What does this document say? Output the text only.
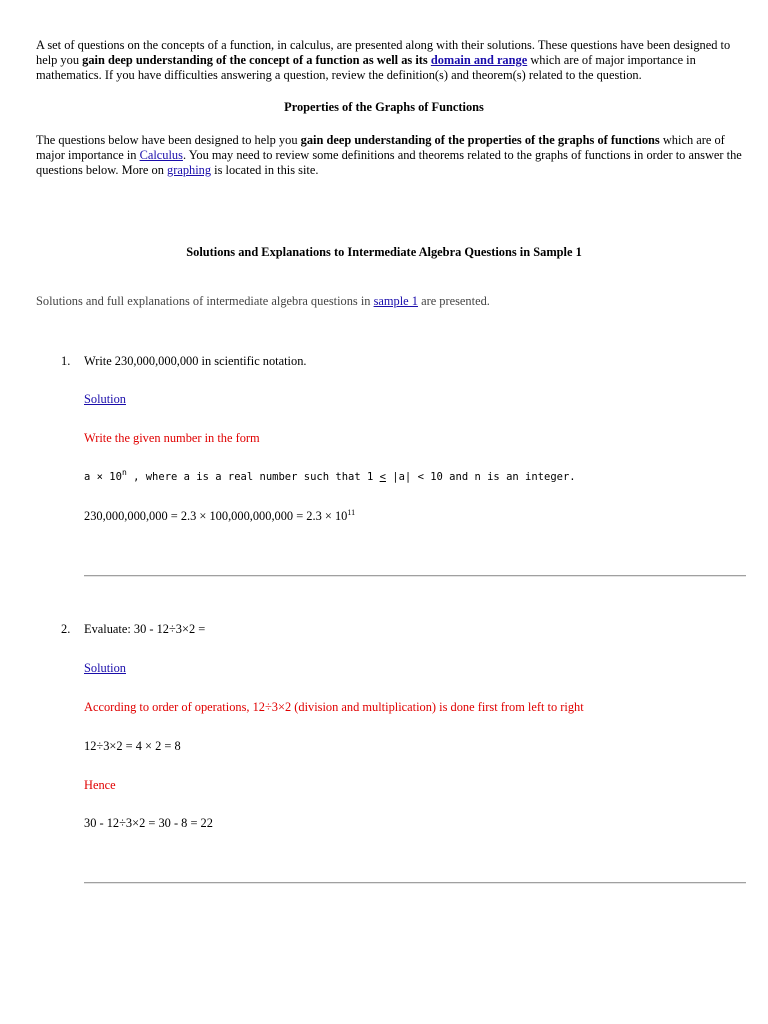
A set of questions on the concepts of a function, in calculus, are presented along with their solutions. These questions have been designed to help you gain deep understanding of the concept of a function as well as its domain and range which are of major importance in mathematics. If you have difficulties answering a question, review the definition(s) and theorem(s) related to the question.
Properties of the Graphs of Functions
The questions below have been designed to help you gain deep understanding of the properties of the graphs of functions which are of major importance in Calculus. You may need to review some definitions and theorems related to the graphs of functions in order to answer the questions below. More on graphing is located in this site.
Solutions and Explanations to Intermediate Algebra Questions in Sample 1
Solutions and full explanations of intermediate algebra questions in sample 1 are presented.
1. Write 230,000,000,000 in scientific notation.
Solution
Write the given number in the form
$a \times 10^n$ , where a is a real number such that 1 < |a| < 10 and n is an integer.
$230,000,000,000 = 2.3 \times 100,000,000,000 = 2.3 \times 10^{11}$
2. Evaluate: 30 - 12÷3×2 =
Solution
According to order of operations, 12÷3×2 (division and multiplication) is done first from left to right
12÷3×2 = 4 × 2 = 8
Hence
30 - 12÷3×2 = 30 - 8 = 22
